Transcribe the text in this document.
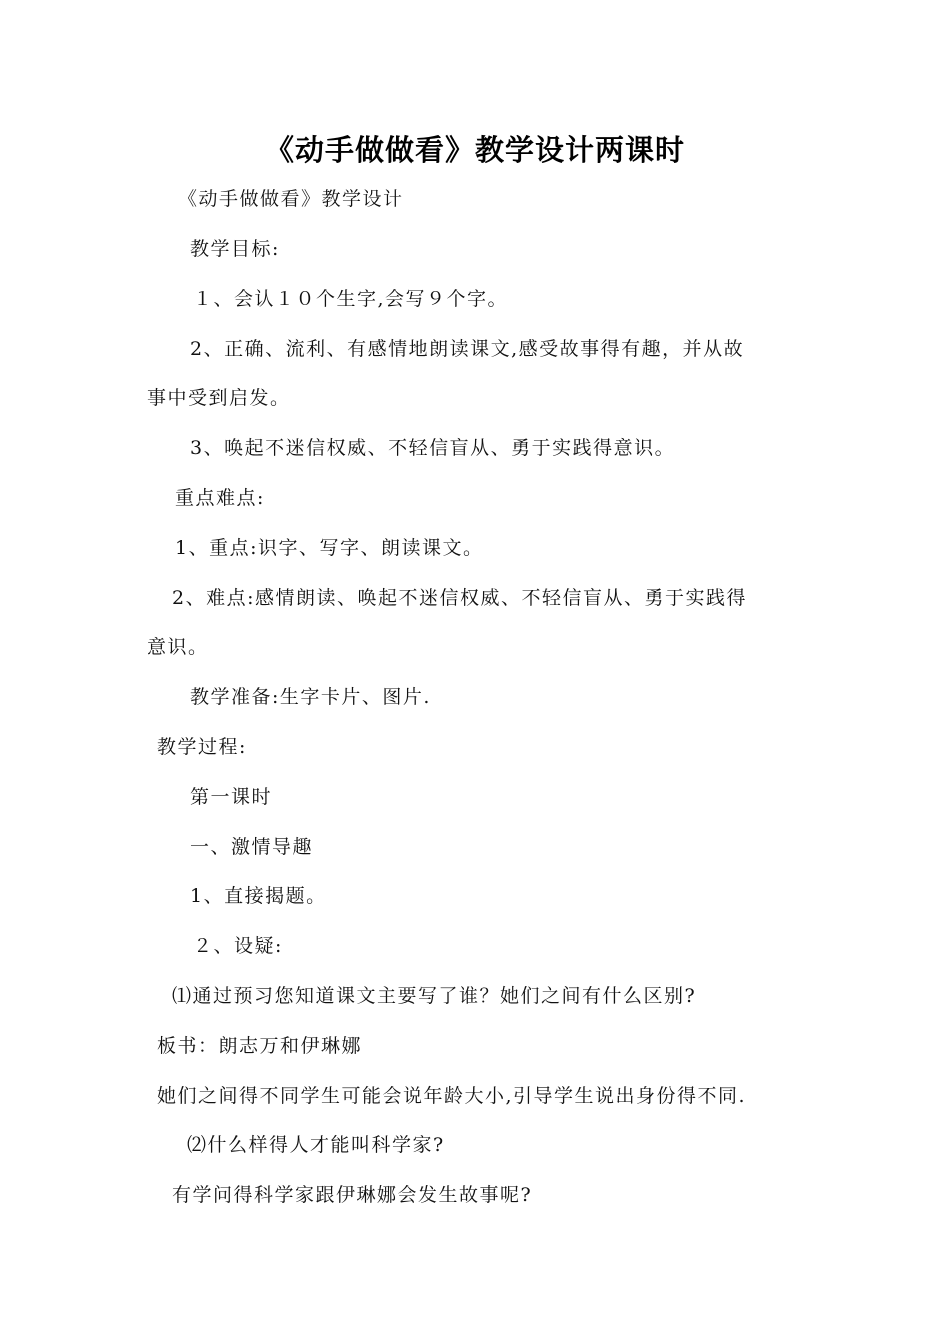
《动手做做看》教学设计两课时
《动手做做看》教学设计
教学目标:
１、会认１０个生字,会写９个字。
2、正确、流利、有感情地朗读课文,感受故事得有趣，并从故
事中受到启发。
3、唤起不迷信权威、不轻信盲从、勇于实践得意识。
重点难点:
1、重点:识字、写字、朗读课文。
2、难点:感情朗读、唤起不迷信权威、不轻信盲从、勇于实践得
意识。
教学准备:生字卡片、图片.
教学过程:
第一课时
一、激情导趣
1、直接揭题。
２、设疑:
⑴通过预习您知道课文主要写了谁？她们之间有什么区别?
板书：朗志万和伊琳娜
她们之间得不同学生可能会说年龄大小,引导学生说出身份得不同.
⑵什么样得人才能叫科学家?
有学问得科学家跟伊琳娜会发生故事呢?
